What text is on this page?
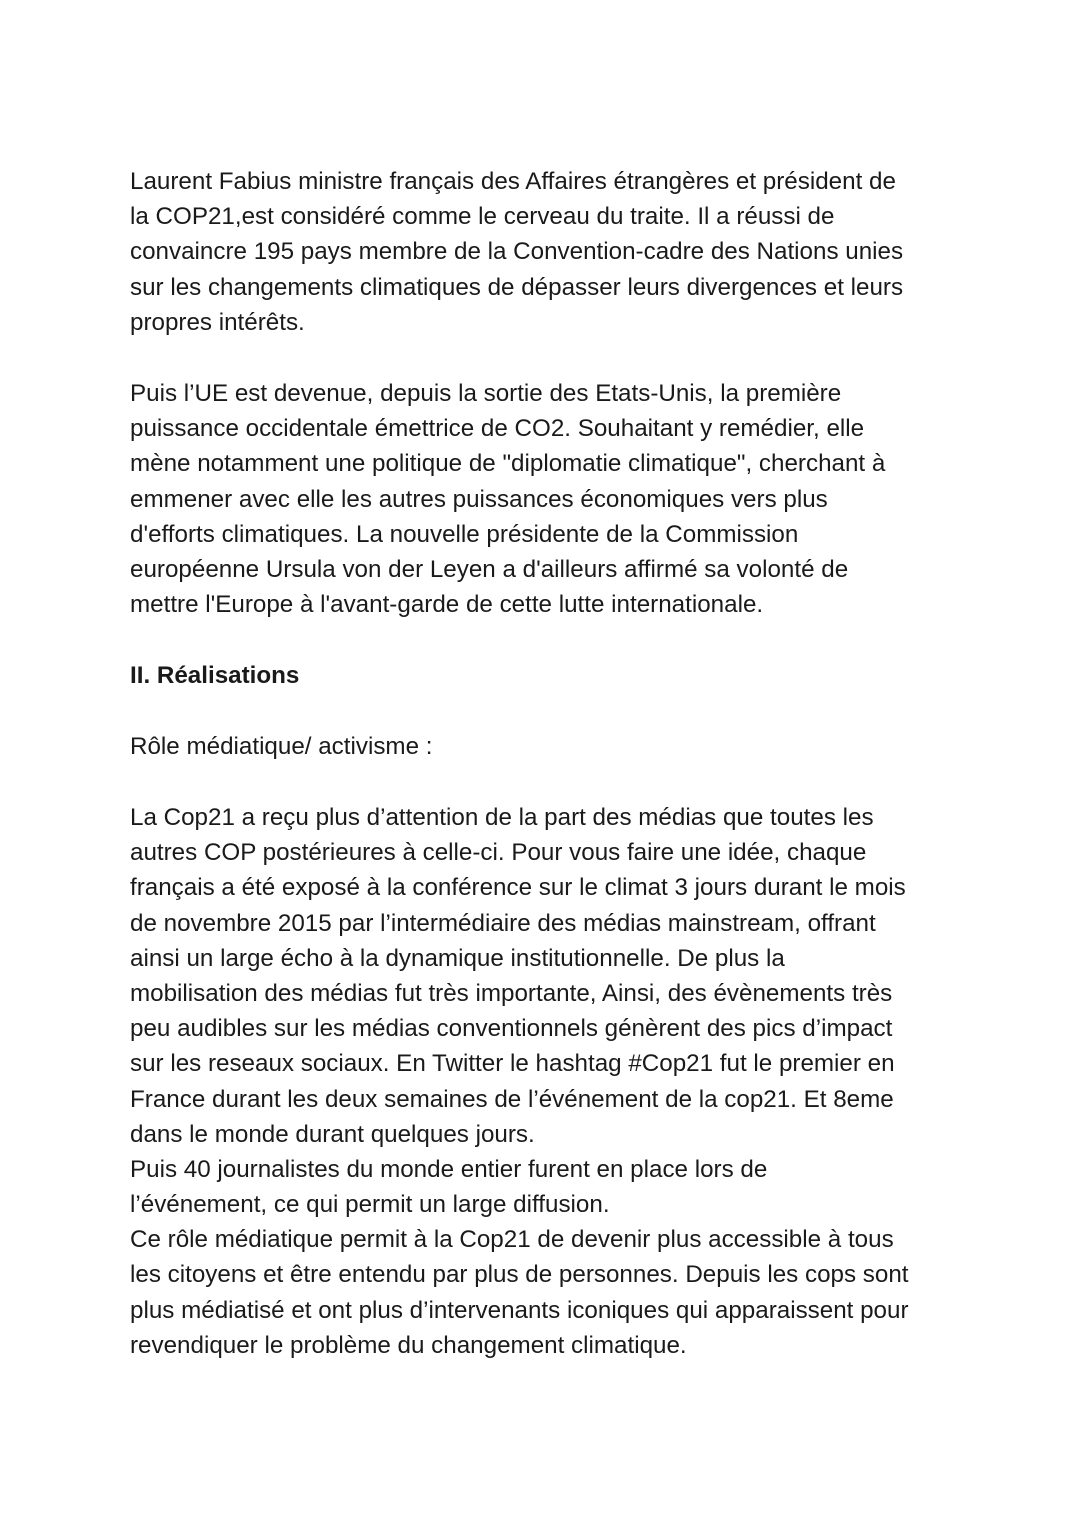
Laurent Fabius ministre français des Affaires étrangères et président de
la COP21,est considéré comme le cerveau du traite. Il a réussi de
convaincre 195 pays membre de la Convention-cadre des Nations unies
sur les changements climatiques de dépasser leurs divergences et leurs
propres intérêts.
Puis l’UE est devenue, depuis la sortie des Etats-Unis, la première
puissance occidentale émettrice de CO2. Souhaitant y remédier, elle
mène notamment une politique de "diplomatie climatique", cherchant à
emmener avec elle les autres puissances économiques vers plus
d'efforts climatiques. La nouvelle présidente de la Commission
européenne Ursula von der Leyen a d'ailleurs affirmé sa volonté de
mettre l'Europe à l'avant-garde de cette lutte internationale.
II. Réalisations
Rôle médiatique/ activisme :
La Cop21 a reçu plus d’attention de la part des médias que toutes les
autres COP postérieures à celle-ci. Pour vous faire une idée, chaque
français a été exposé à la conférence sur le climat 3 jours durant le mois
de novembre 2015 par l’intermédiaire des médias mainstream, offrant
ainsi un large écho à la dynamique institutionnelle. De plus la
mobilisation des médias fut très importante, Ainsi, des évènements très
peu audibles sur les médias conventionnels génèrent des pics d’impact
sur les reseaux sociaux. En Twitter le hashtag #Cop21 fut le premier en
France durant les deux semaines de l’événement de la cop21. Et 8eme
dans le monde durant quelques jours.
Puis 40 journalistes du monde entier furent en place lors de
l’événement, ce qui permit un large diffusion.
Ce rôle médiatique permit à la Cop21 de devenir plus accessible à tous
les citoyens et être entendu par plus de personnes. Depuis les cops sont
plus médiatisé et ont plus d’intervenants iconiques qui apparaissent pour
revendiquer le problème du changement climatique.
